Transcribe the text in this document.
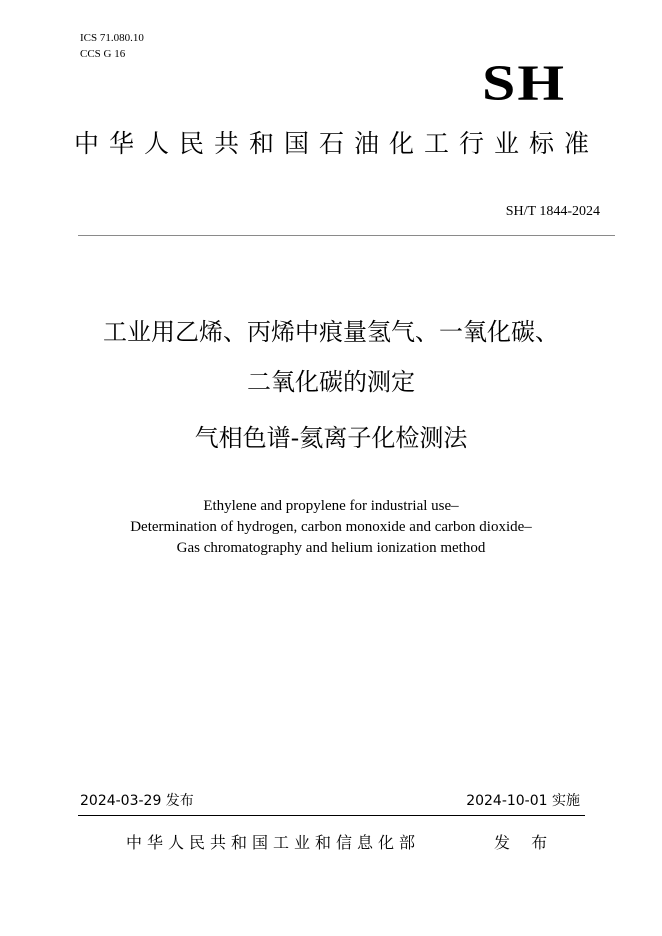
ICS 71.080.10
CCS G 16
SH
中华人民共和国石油化工行业标准
SH/T 1844-2024
工业用乙烯、丙烯中痕量氢气、一氧化碳、
二氧化碳的测定
气相色谱-氦离子化检测法
Ethylene and propylene for industrial use–
Determination of hydrogen, carbon monoxide and carbon dioxide–
Gas chromatography and helium ionization method
2024-03-29 发布	2024-10-01 实施
中华人民共和国工业和信息化部	发 布
